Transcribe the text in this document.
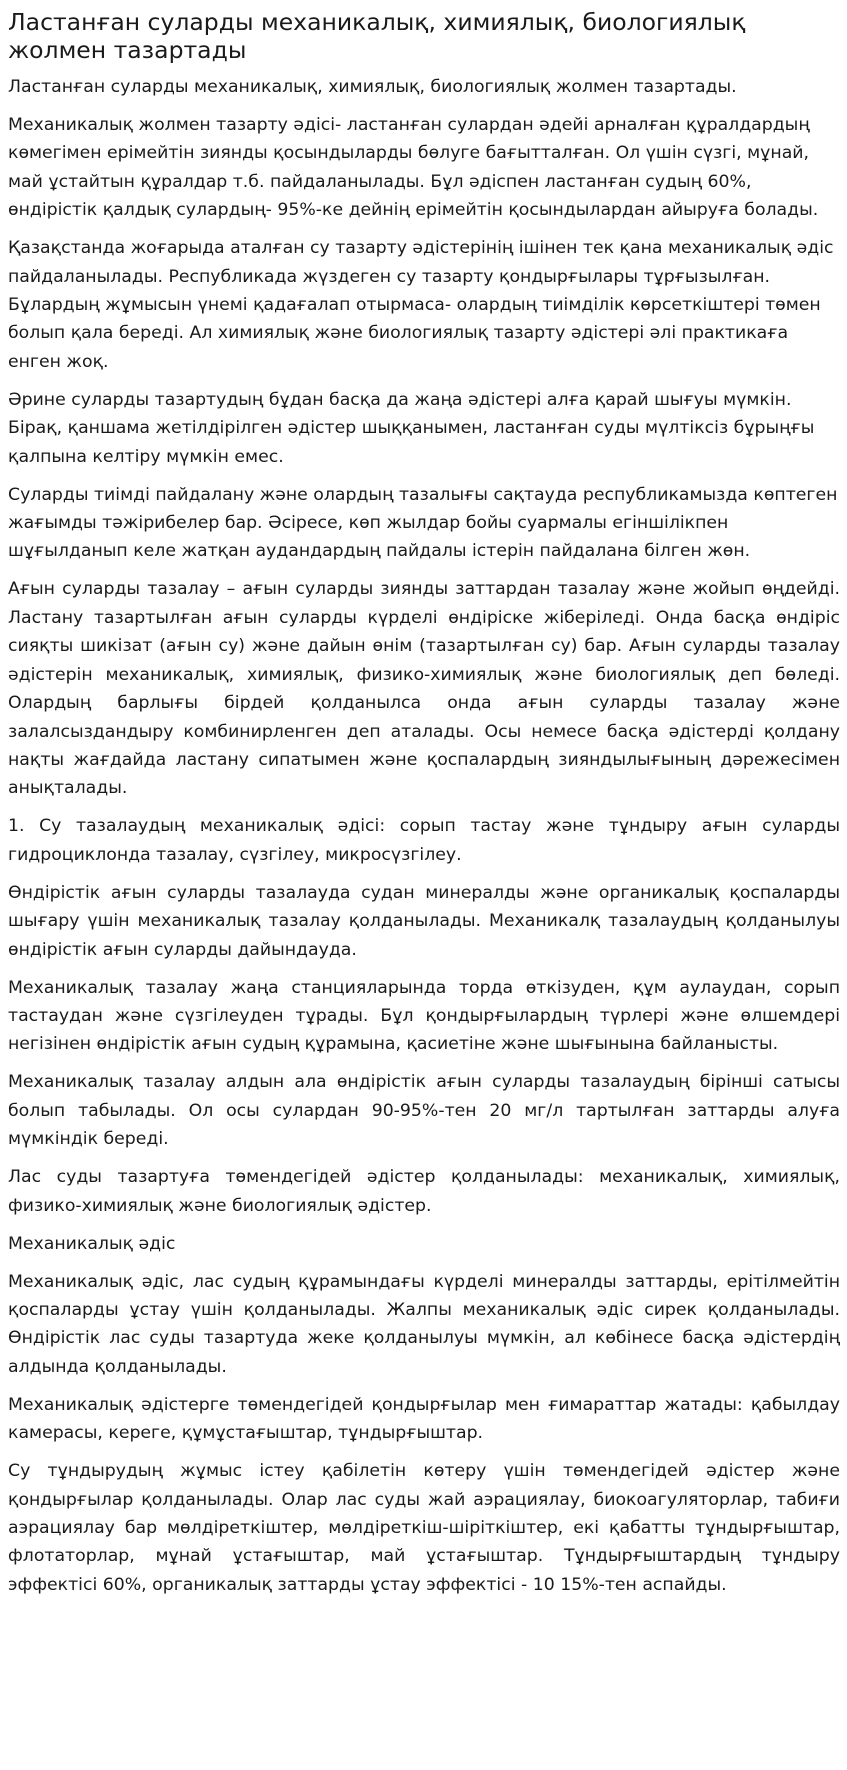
Ластанған суларды механикалық, химиялық, биологиялық жолмен тазартады

Ластанған суларды механикалық, химиялық, биологиялық жолмен тазартады.

Механикалық жолмен тазарту әдісі- ластанған сулардан әдейі арналған құралдардың көмегімен ерімейтін зиянды қосындыларды бөлуге бағытталған. Ол үшін сүзгі, мұнай, май ұстайтын құралдар т.б. пайдаланылады. Бұл әдіспен ластанған судың 60%, өндірістік қалдық сулардың- 95%-ке дейнің ерімейтін қосындылардан айыруға болады.

Қазақстанда жоғарыда аталған су тазарту әдістерінің ішінен тек қана механикалық әдіс пайдаланылады. Республикада жүздеген су тазарту қондырғылары тұрғызылған. Бұлардың жұмысын үнемі қадағалап отырмаса- олардың тиімділік көрсеткіштері төмен болып қала береді. Ал химиялық және биологиялық тазарту әдістері әлі практикаға енген жоқ.

Әрине суларды тазартудың бұдан басқа да жаңа әдістері алға қарай шығуы мүмкін. Бірақ, қаншама жетілдірілген әдістер шыққанымен, ластанған суды мүлтіксіз бұрыңғы қалпына келтіру мүмкін емес.

Суларды тиімді пайдалану және олардың тазалығы сақтауда республикамызда көптеген жағымды тәжірибелер бар. Әсіресе, көп жылдар бойы суармалы егіншілікпен шұғылданып келе жатқан аудандардың пайдалы істерін пайдалана білген жөн.

Ағын суларды тазалау – ағын суларды зиянды заттардан тазалау және жойып өңдейді. Ластану тазартылған ағын суларды күрделі өндіріске жіберіледі. Онда басқа өндіріс сияқты шикізат (ағын су) және дайын өнім (тазартылған су) бар. Ағын суларды тазалау әдістерін механикалық, химиялық, физико-химиялық және биологиялық деп бөледі. Олардың барлығы бірдей қолданылса онда ағын суларды тазалау және залалсыздандыру комбинирленген деп аталады. Осы немесе басқа әдістерді қолдану нақты жағдайда ластану сипатымен және қоспалардың зияндылығының дәрежесімен анықталады.

1. Су тазалаудың механикалық әдісі: сорып тастау және тұндыру ағын суларды гидроциклонда тазалау, сүзгілеу, микросүзгілеу.

Өндірістік ағын суларды тазалауда судан минералды және органикалық қоспаларды шығару үшін механикалық тазалау қолданылады. Механикалқ тазалаудың қолданылуы өндірістік ағын суларды дайындауда.

Механикалық тазалау жаңа станцияларында торда өткізуден, құм аулаудан, сорып тастаудан және сүзгілеуден тұрады. Бұл қондырғылардың түрлері және өлшемдері негізінен өндірістік ағын судың құрамына, қасиетіне және шығынына байланысты.

Механикалық тазалау алдын ала өндірістік ағын суларды тазалаудың бірінші сатысы болып табылады. Ол осы сулардан 90-95%-тен 20 мг/л тартылған заттарды алуға мүмкіндік береді.

Лас суды тазартуға төмендегідей әдістер қолданылады: механикалық, химиялық, физико-химиялық және биологиялық әдістер.

Механикалық әдіс

Механикалық әдіс, лас судың құрамындағы күрделі минералды заттарды, ерітілмейтін қоспаларды ұстау үшін қолданылады. Жалпы механикалық әдіс сирек қолданылады. Өндірістік лас суды тазартуда жеке қолданылуы мүмкін, ал көбінесе басқа әдістердің алдында қолданылады.

Механикалық әдістерге төмендегідей қондырғылар мен ғимараттар жатады: қабылдау камерасы, кереге, құмұстағыштар, тұндырғыштар.

Су тұндырудың жұмыс істеу қабілетін көтеру үшін төмендегідей әдістер және қондырғылар қолданылады. Олар лас суды жай аэрациялау, биокоагуляторлар, табиғи аэрациялау бар мөлдіреткіштер, мөлдіреткіш-шіріткіштер, екі қабатты тұндырғыштар, флотаторлар, мұнай ұстағыштар, май ұстағыштар. Тұндырғыштардың тұндыру эффектісі 60%, органикалық заттарды ұстау эффектісі - 10 15%-тен аспайды.
